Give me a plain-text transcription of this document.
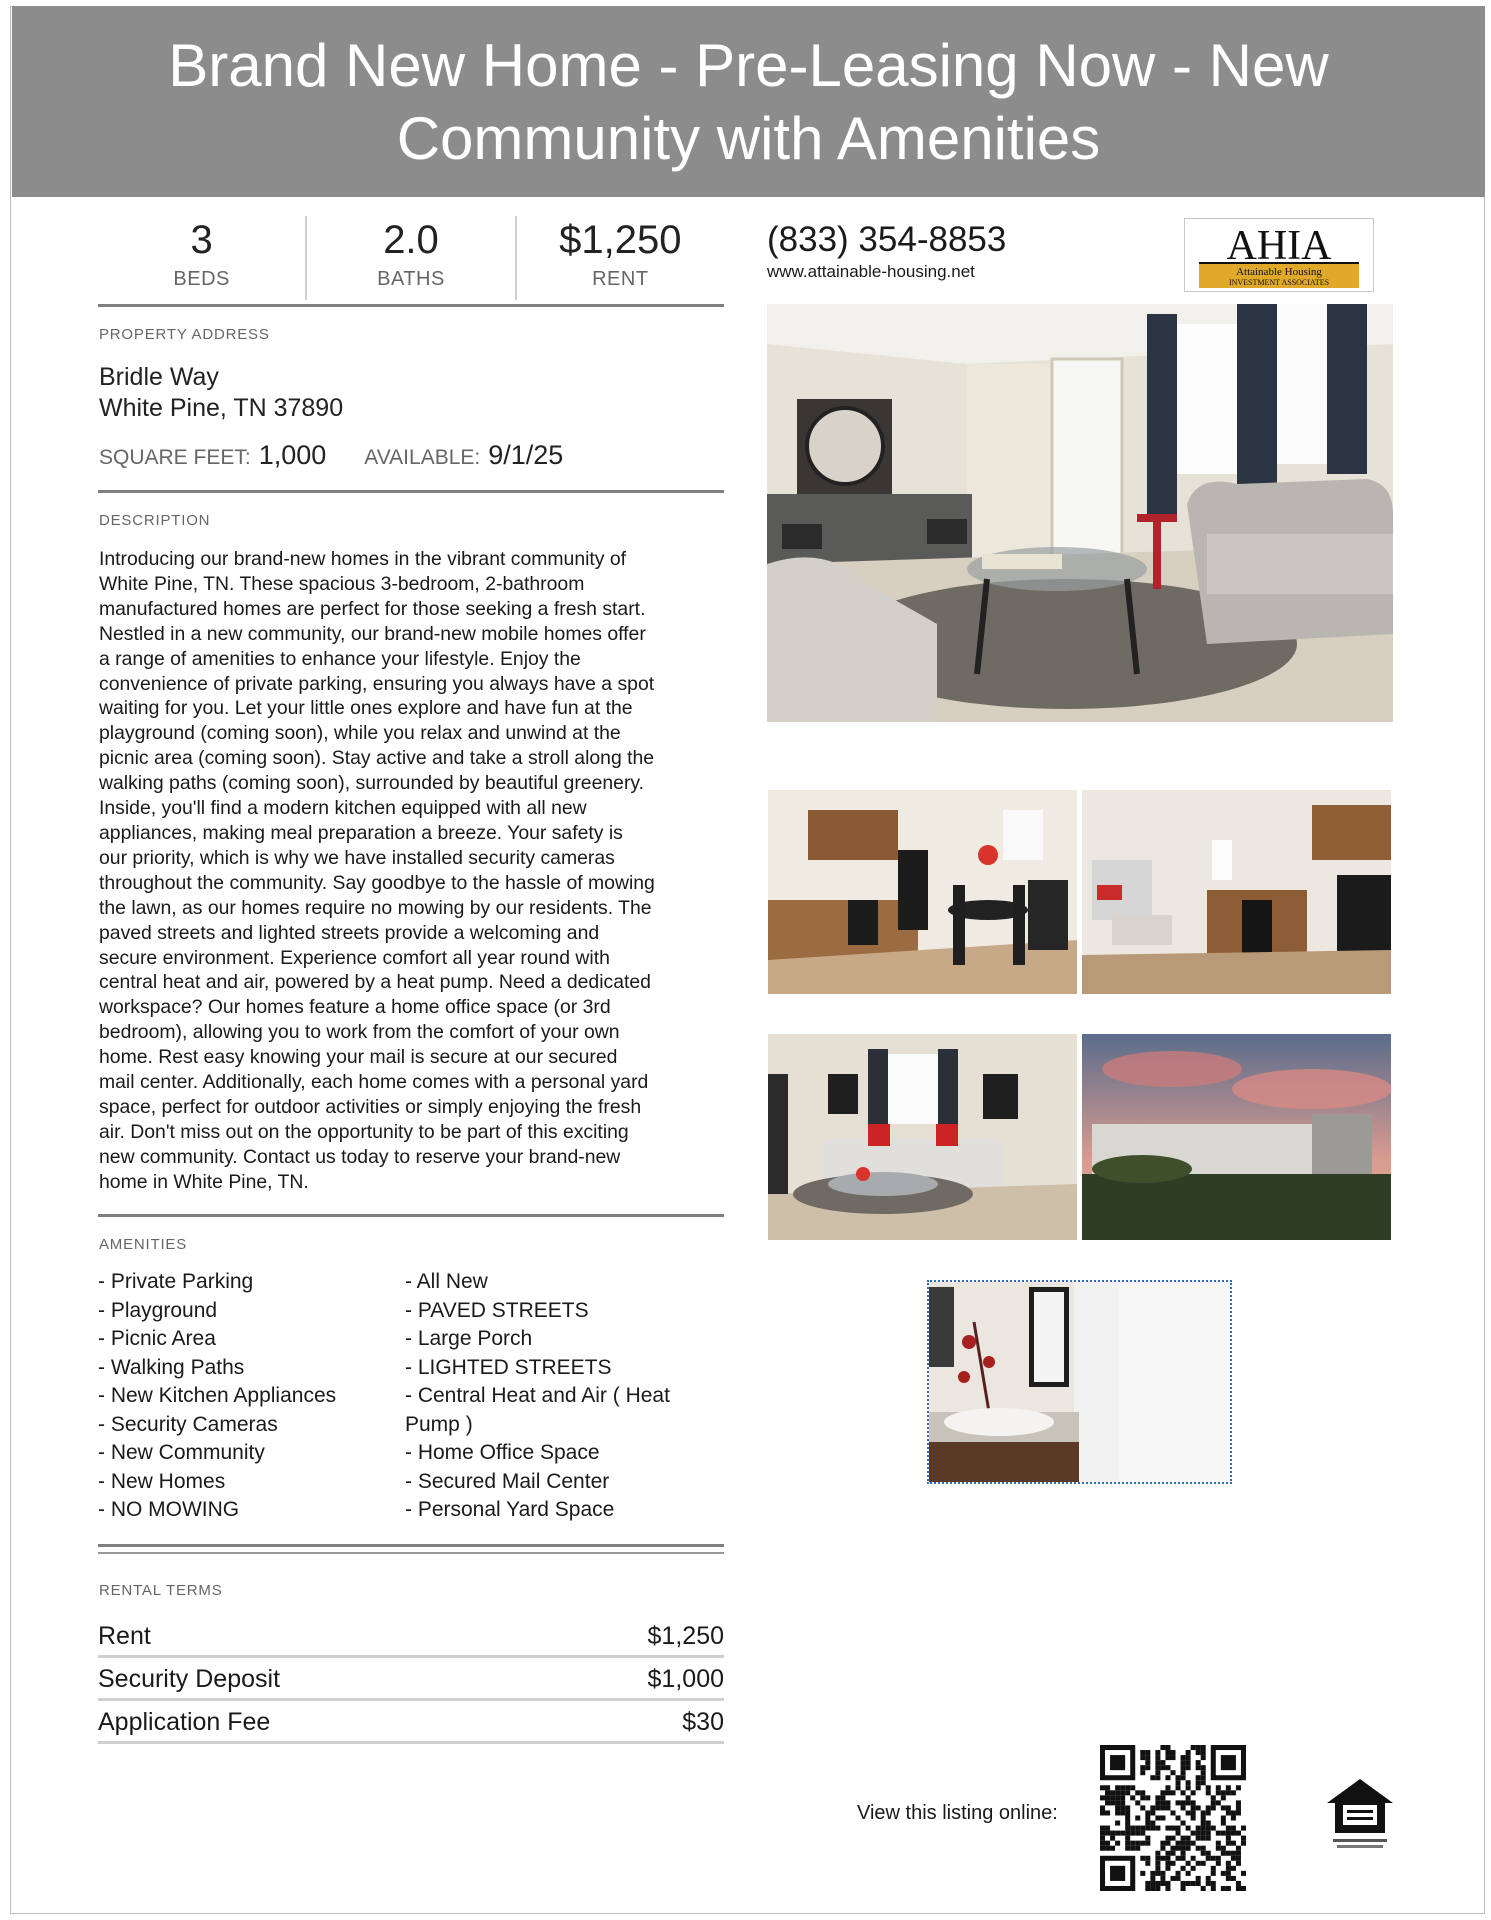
Brand New Home - Pre-Leasing Now - New Community with Amenities
3
BEDS
2.0
BATHS
$1,250
RENT
PROPERTY ADDRESS
Bridle Way
White Pine, TN 37890
SQUARE FEET: 1,000 AVAILABLE: 9/1/25
DESCRIPTION
Introducing our brand-new homes in the vibrant community of
White Pine, TN. These spacious 3-bedroom, 2-bathroom
manufactured homes are perfect for those seeking a fresh start.
Nestled in a new community, our brand-new mobile homes offer
a range of amenities to enhance your lifestyle. Enjoy the
convenience of private parking, ensuring you always have a spot
waiting for you. Let your little ones explore and have fun at the
playground (coming soon), while you relax and unwind at the
picnic area (coming soon). Stay active and take a stroll along the
walking paths (coming soon), surrounded by beautiful greenery.
Inside, you'll find a modern kitchen equipped with all new
appliances, making meal preparation a breeze. Your safety is
our priority, which is why we have installed security cameras
throughout the community. Say goodbye to the hassle of mowing
the lawn, as our homes require no mowing by our residents. The
paved streets and lighted streets provide a welcoming and
secure environment. Experience comfort all year round with
central heat and air, powered by a heat pump. Need a dedicated
workspace? Our homes feature a home office space (or 3rd
bedroom), allowing you to work from the comfort of your own
home. Rest easy knowing your mail is secure at our secured
mail center. Additionally, each home comes with a personal yard
space, perfect for outdoor activities or simply enjoying the fresh
air. Don't miss out on the opportunity to be part of this exciting
new community. Contact us today to reserve your brand-new
home in White Pine, TN.
AMENITIES
- Private Parking
- Playground
- Picnic Area
- Walking Paths
- New Kitchen Appliances
- Security Cameras
- New Community
- New Homes
- NO MOWING
- All New
- PAVED STREETS
- Large Porch
- LIGHTED STREETS
- Central Heat and Air ( Heat
Pump )
- Home Office Space
- Secured Mail Center
- Personal Yard Space
RENTAL TERMS
Rent	$1,250
Security Deposit	$1,000
Application Fee	$30
(833) 354-8853
www.attainable-housing.net
AHIA
Attainable Housing
INVESTMENT ASSOCIATES
View this listing online:
